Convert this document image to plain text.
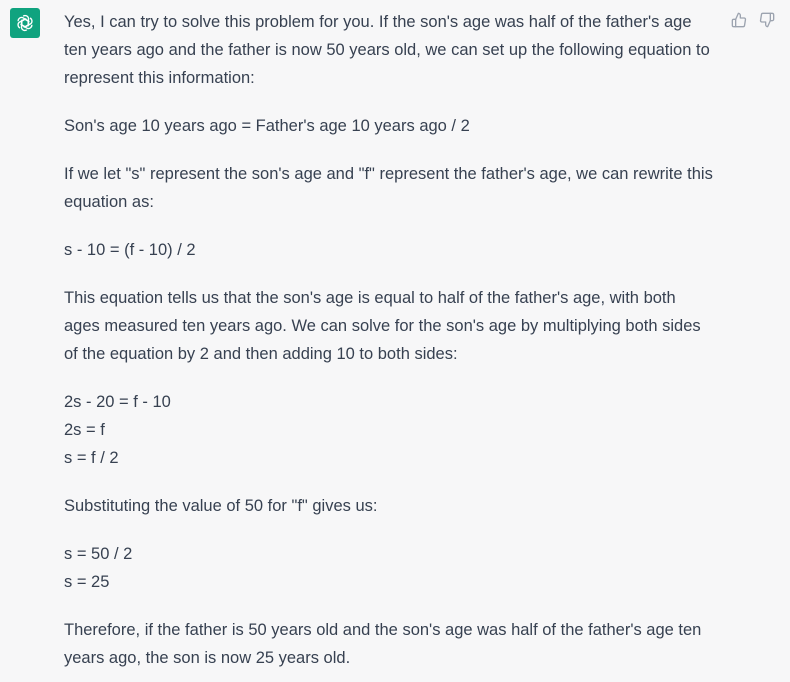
Yes, I can try to solve this problem for you. If the son's age was half of the father's age ten years ago and the father is now 50 years old, we can set up the following equation to represent this information:

Son's age 10 years ago = Father's age 10 years ago / 2

If we let "s" represent the son's age and "f" represent the father's age, we can rewrite this equation as:

s - 10 = (f - 10) / 2

This equation tells us that the son's age is equal to half of the father's age, with both ages measured ten years ago. We can solve for the son's age by multiplying both sides of the equation by 2 and then adding 10 to both sides:

2s - 20 = f - 10
2s = f
s = f / 2

Substituting the value of 50 for "f" gives us:

s = 50 / 2
s = 25

Therefore, if the father is 50 years old and the son's age was half of the father's age ten years ago, the son is now 25 years old.
